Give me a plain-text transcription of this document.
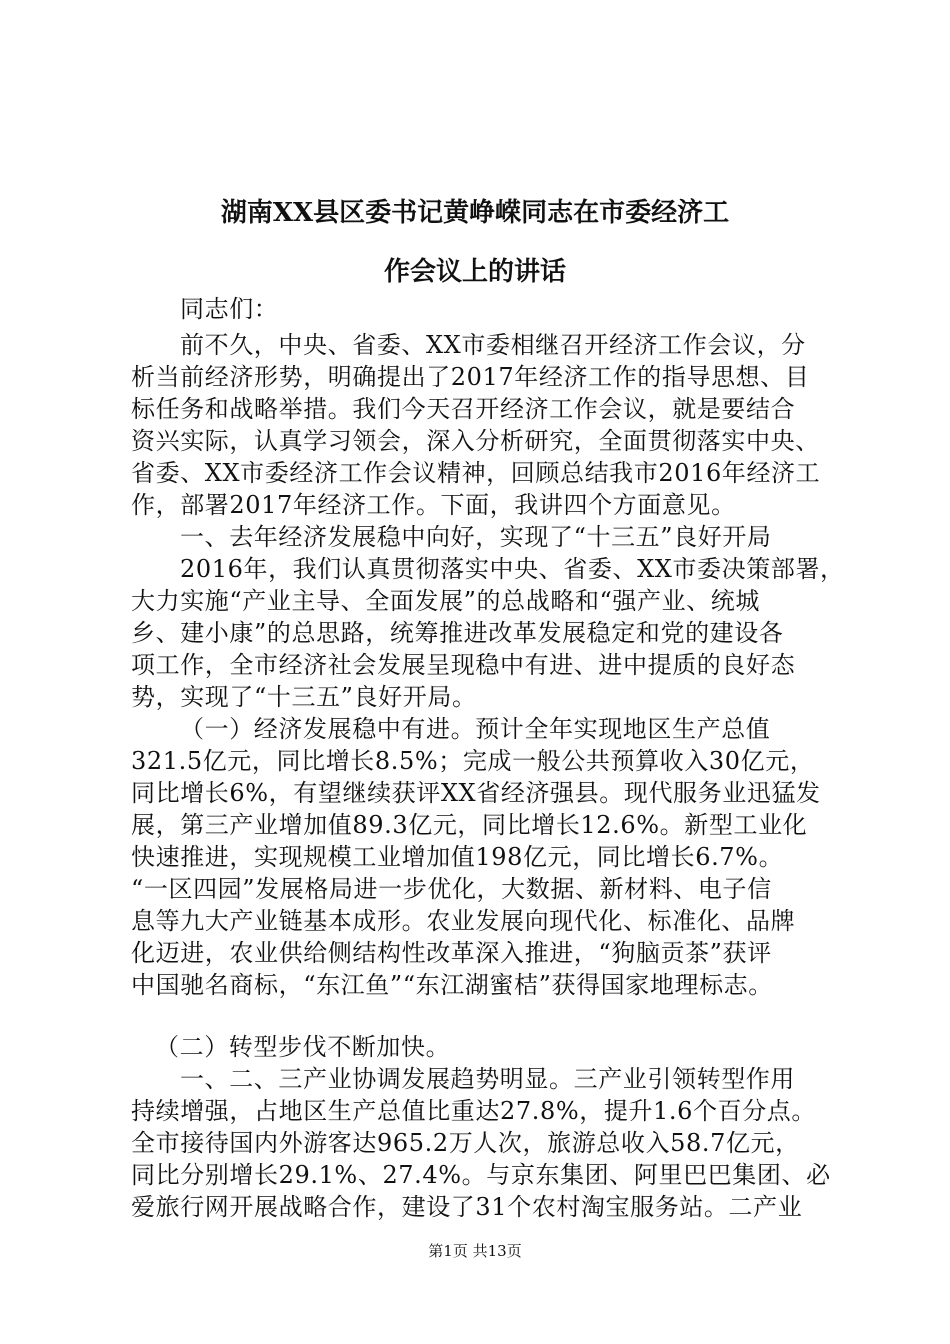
湖南XX县区委书记黄峥嵘同志在市委经济工
作会议上的讲话
同志们：
前不久，中央、省委、XX市委相继召开经济工作会议，分
析当前经济形势，明确提出了2017年经济工作的指导思想、目
标任务和战略举措。我们今天召开经济工作会议，就是要结合
资兴实际，认真学习领会，深入分析研究，全面贯彻落实中央、
省委、XX市委经济工作会议精神，回顾总结我市2016年经济工
作，部署2017年经济工作。下面，我讲四个方面意见。
一、去年经济发展稳中向好，实现了“十三五”良好开局
2016年，我们认真贯彻落实中央、省委、XX市委决策部署，
大力实施“产业主导、全面发展”的总战略和“强产业、统城
乡、建小康”的总思路，统筹推进改革发展稳定和党的建设各
项工作，全市经济社会发展呈现稳中有进、进中提质的良好态
势，实现了“十三五”良好开局。
（一）经济发展稳中有进。预计全年实现地区生产总值
321.5亿元，同比增长8.5%；完成一般公共预算收入30亿元，
同比增长6%，有望继续获评XX省经济强县。现代服务业迅猛发
展，第三产业增加值89.3亿元，同比增长12.6%。新型工业化
快速推进，实现规模工业增加值198亿元，同比增长6.7%。
“一区四园”发展格局进一步优化，大数据、新材料、电子信
息等九大产业链基本成形。农业发展向现代化、标准化、品牌
化迈进，农业供给侧结构性改革深入推进，“狗脑贡茶”获评
中国驰名商标，“东江鱼”“东江湖蜜桔”获得国家地理标志。
（二）转型步伐不断加快。
一、二、三产业协调发展趋势明显。三产业引领转型作用
持续增强，占地区生产总值比重达27.8%，提升1.6个百分点。
全市接待国内外游客达965.2万人次，旅游总收入58.7亿元，
同比分别增长29.1%、27.4%。与京东集团、阿里巴巴集团、必
爱旅行网开展战略合作，建设了31个农村淘宝服务站。二产业
第1页 共13页
